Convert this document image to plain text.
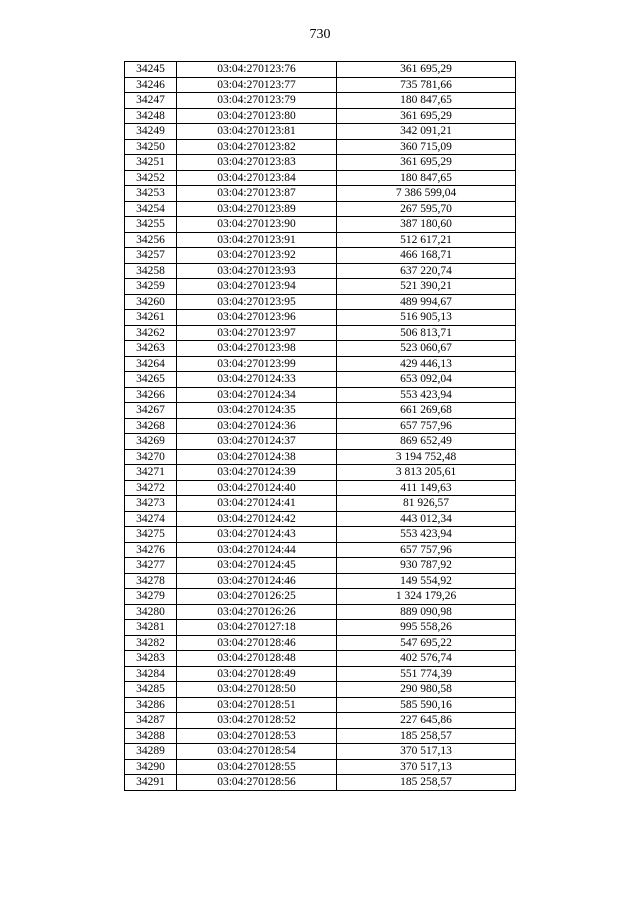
730
34245	03:04:270123:76	361 695,29
34246	03:04:270123:77	735 781,66
34247	03:04:270123:79	180 847,65
34248	03:04:270123:80	361 695,29
34249	03:04:270123:81	342 091,21
34250	03:04:270123:82	360 715,09
34251	03:04:270123:83	361 695,29
34252	03:04:270123:84	180 847,65
34253	03:04:270123:87	7 386 599,04
34254	03:04:270123:89	267 595,70
34255	03:04:270123:90	387 180,60
34256	03:04:270123:91	512 617,21
34257	03:04:270123:92	466 168,71
34258	03:04:270123:93	637 220,74
34259	03:04:270123:94	521 390,21
34260	03:04:270123:95	489 994,67
34261	03:04:270123:96	516 905,13
34262	03:04:270123:97	506 813,71
34263	03:04:270123:98	523 060,67
34264	03:04:270123:99	429 446,13
34265	03:04:270124:33	653 092,04
34266	03:04:270124:34	553 423,94
34267	03:04:270124:35	661 269,68
34268	03:04:270124:36	657 757,96
34269	03:04:270124:37	869 652,49
34270	03:04:270124:38	3 194 752,48
34271	03:04:270124:39	3 813 205,61
34272	03:04:270124:40	411 149,63
34273	03:04:270124:41	81 926,57
34274	03:04:270124:42	443 012,34
34275	03:04:270124:43	553 423,94
34276	03:04:270124:44	657 757,96
34277	03:04:270124:45	930 787,92
34278	03:04:270124:46	149 554,92
34279	03:04:270126:25	1 324 179,26
34280	03:04:270126:26	889 090,98
34281	03:04:270127:18	995 558,26
34282	03:04:270128:46	547 695,22
34283	03:04:270128:48	402 576,74
34284	03:04:270128:49	551 774,39
34285	03:04:270128:50	290 980,58
34286	03:04:270128:51	585 590,16
34287	03:04:270128:52	227 645,86
34288	03:04:270128:53	185 258,57
34289	03:04:270128:54	370 517,13
34290	03:04:270128:55	370 517,13
34291	03:04:270128:56	185 258,57
